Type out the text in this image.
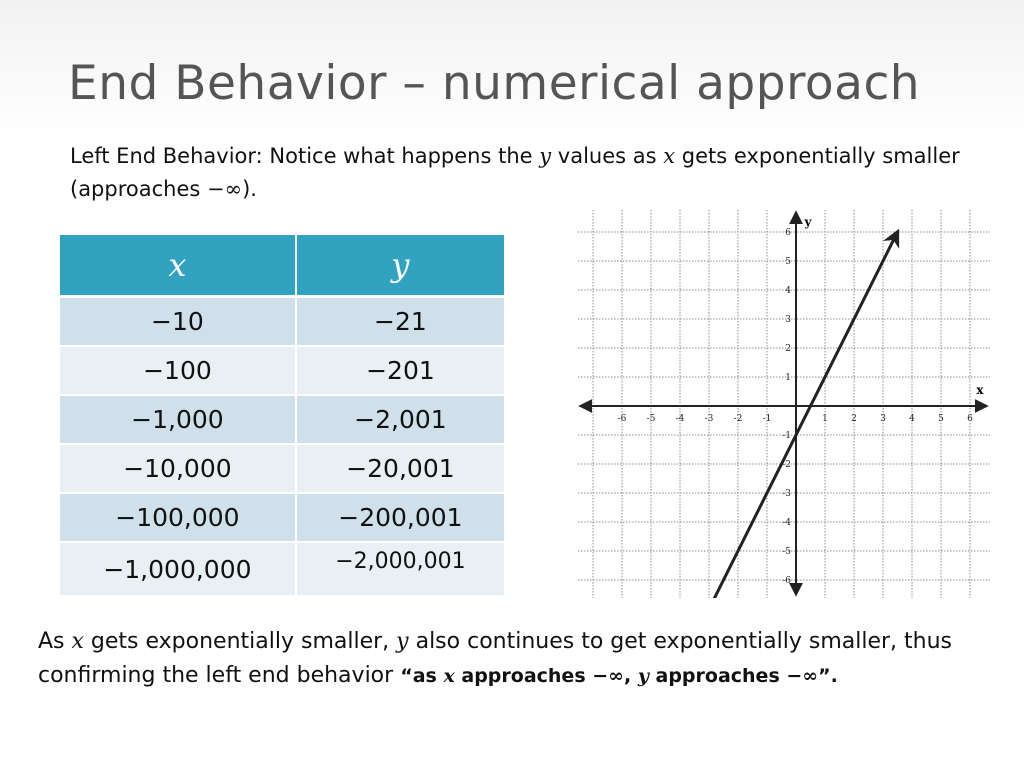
End Behavior – numerical approach

Left End Behavior: Notice what happens the y values as x gets exponentially smaller (approaches −∞).

x	y
−10	−21
−100	−201
−1,000	−2,001
−10,000	−20,001
−100,000	−200,001
−1,000,000	−2,000,001
x
y
-6 -5 -4 -3 -2 -1	1	2	3	4	5	6
6
5
4
3
2
1
-1
-2
-3
-4
-5
-6

As x gets exponentially smaller, y also continues to get exponentially smaller, thus confirming the left end behavior “as x approaches −∞, y approaches −∞”.
